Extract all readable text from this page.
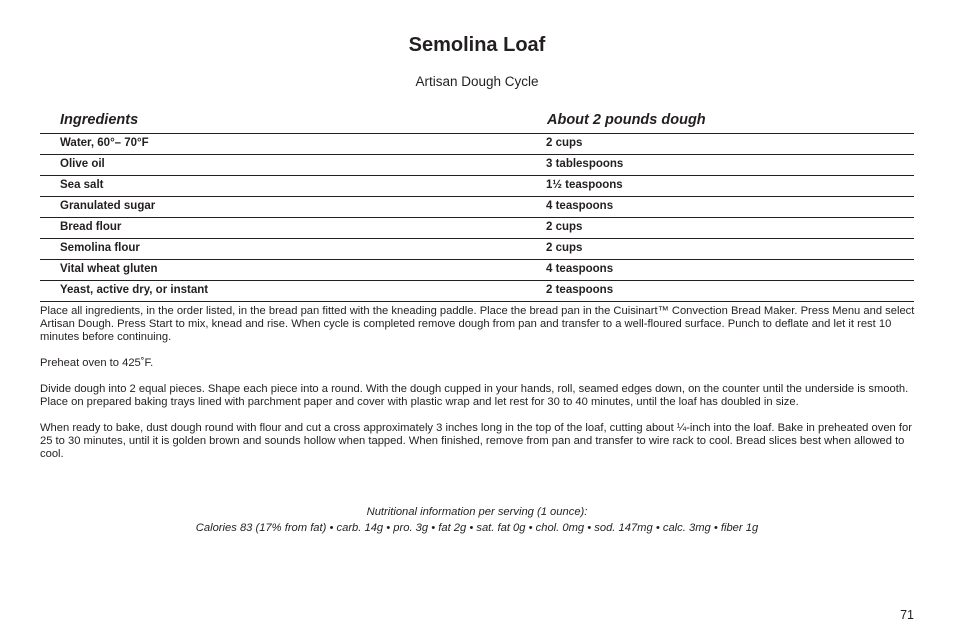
Semolina Loaf
Artisan Dough Cycle
Ingredients	About 2 pounds dough
Water, 60°– 70°F	2 cups
Olive oil	3 tablespoons
Sea salt	1½ teaspoons
Granulated sugar	4 teaspoons
Bread flour	2 cups
Semolina flour	2 cups
Vital wheat gluten	4 teaspoons
Yeast, active dry, or instant	2 teaspoons

Place all ingredients, in the order listed, in the bread pan fitted with the kneading paddle. Place the bread pan in the Cuisinart™ Convection Bread Maker. Press Menu and select Artisan Dough. Press Start to mix, knead and rise. When cycle is completed remove dough from pan and transfer to a well-floured surface. Punch to deflate and let it rest 10 minutes before continuing.

Preheat oven to 425˚F.

Divide dough into 2 equal pieces. Shape each piece into a round. With the dough cupped in your hands, roll, seamed edges down, on the counter until the underside is smooth. Place on prepared baking trays lined with parchment paper and cover with plastic wrap and let rest for 30 to 40 minutes, until the loaf has doubled in size.

When ready to bake, dust dough round with flour and cut a cross approximately 3 inches long in the top of the loaf, cutting about ¼-inch into the loaf. Bake in preheated oven for 25 to 30 minutes, until it is golden brown and sounds hollow when tapped. When finished, remove from pan and transfer to wire rack to cool. Bread slices best when allowed to cool.

Nutritional information per serving (1 ounce):
Calories 83 (17% from fat) • carb. 14g • pro. 3g • fat 2g • sat. fat 0g • chol. 0mg • sod. 147mg • calc. 3mg • fiber 1g
71
